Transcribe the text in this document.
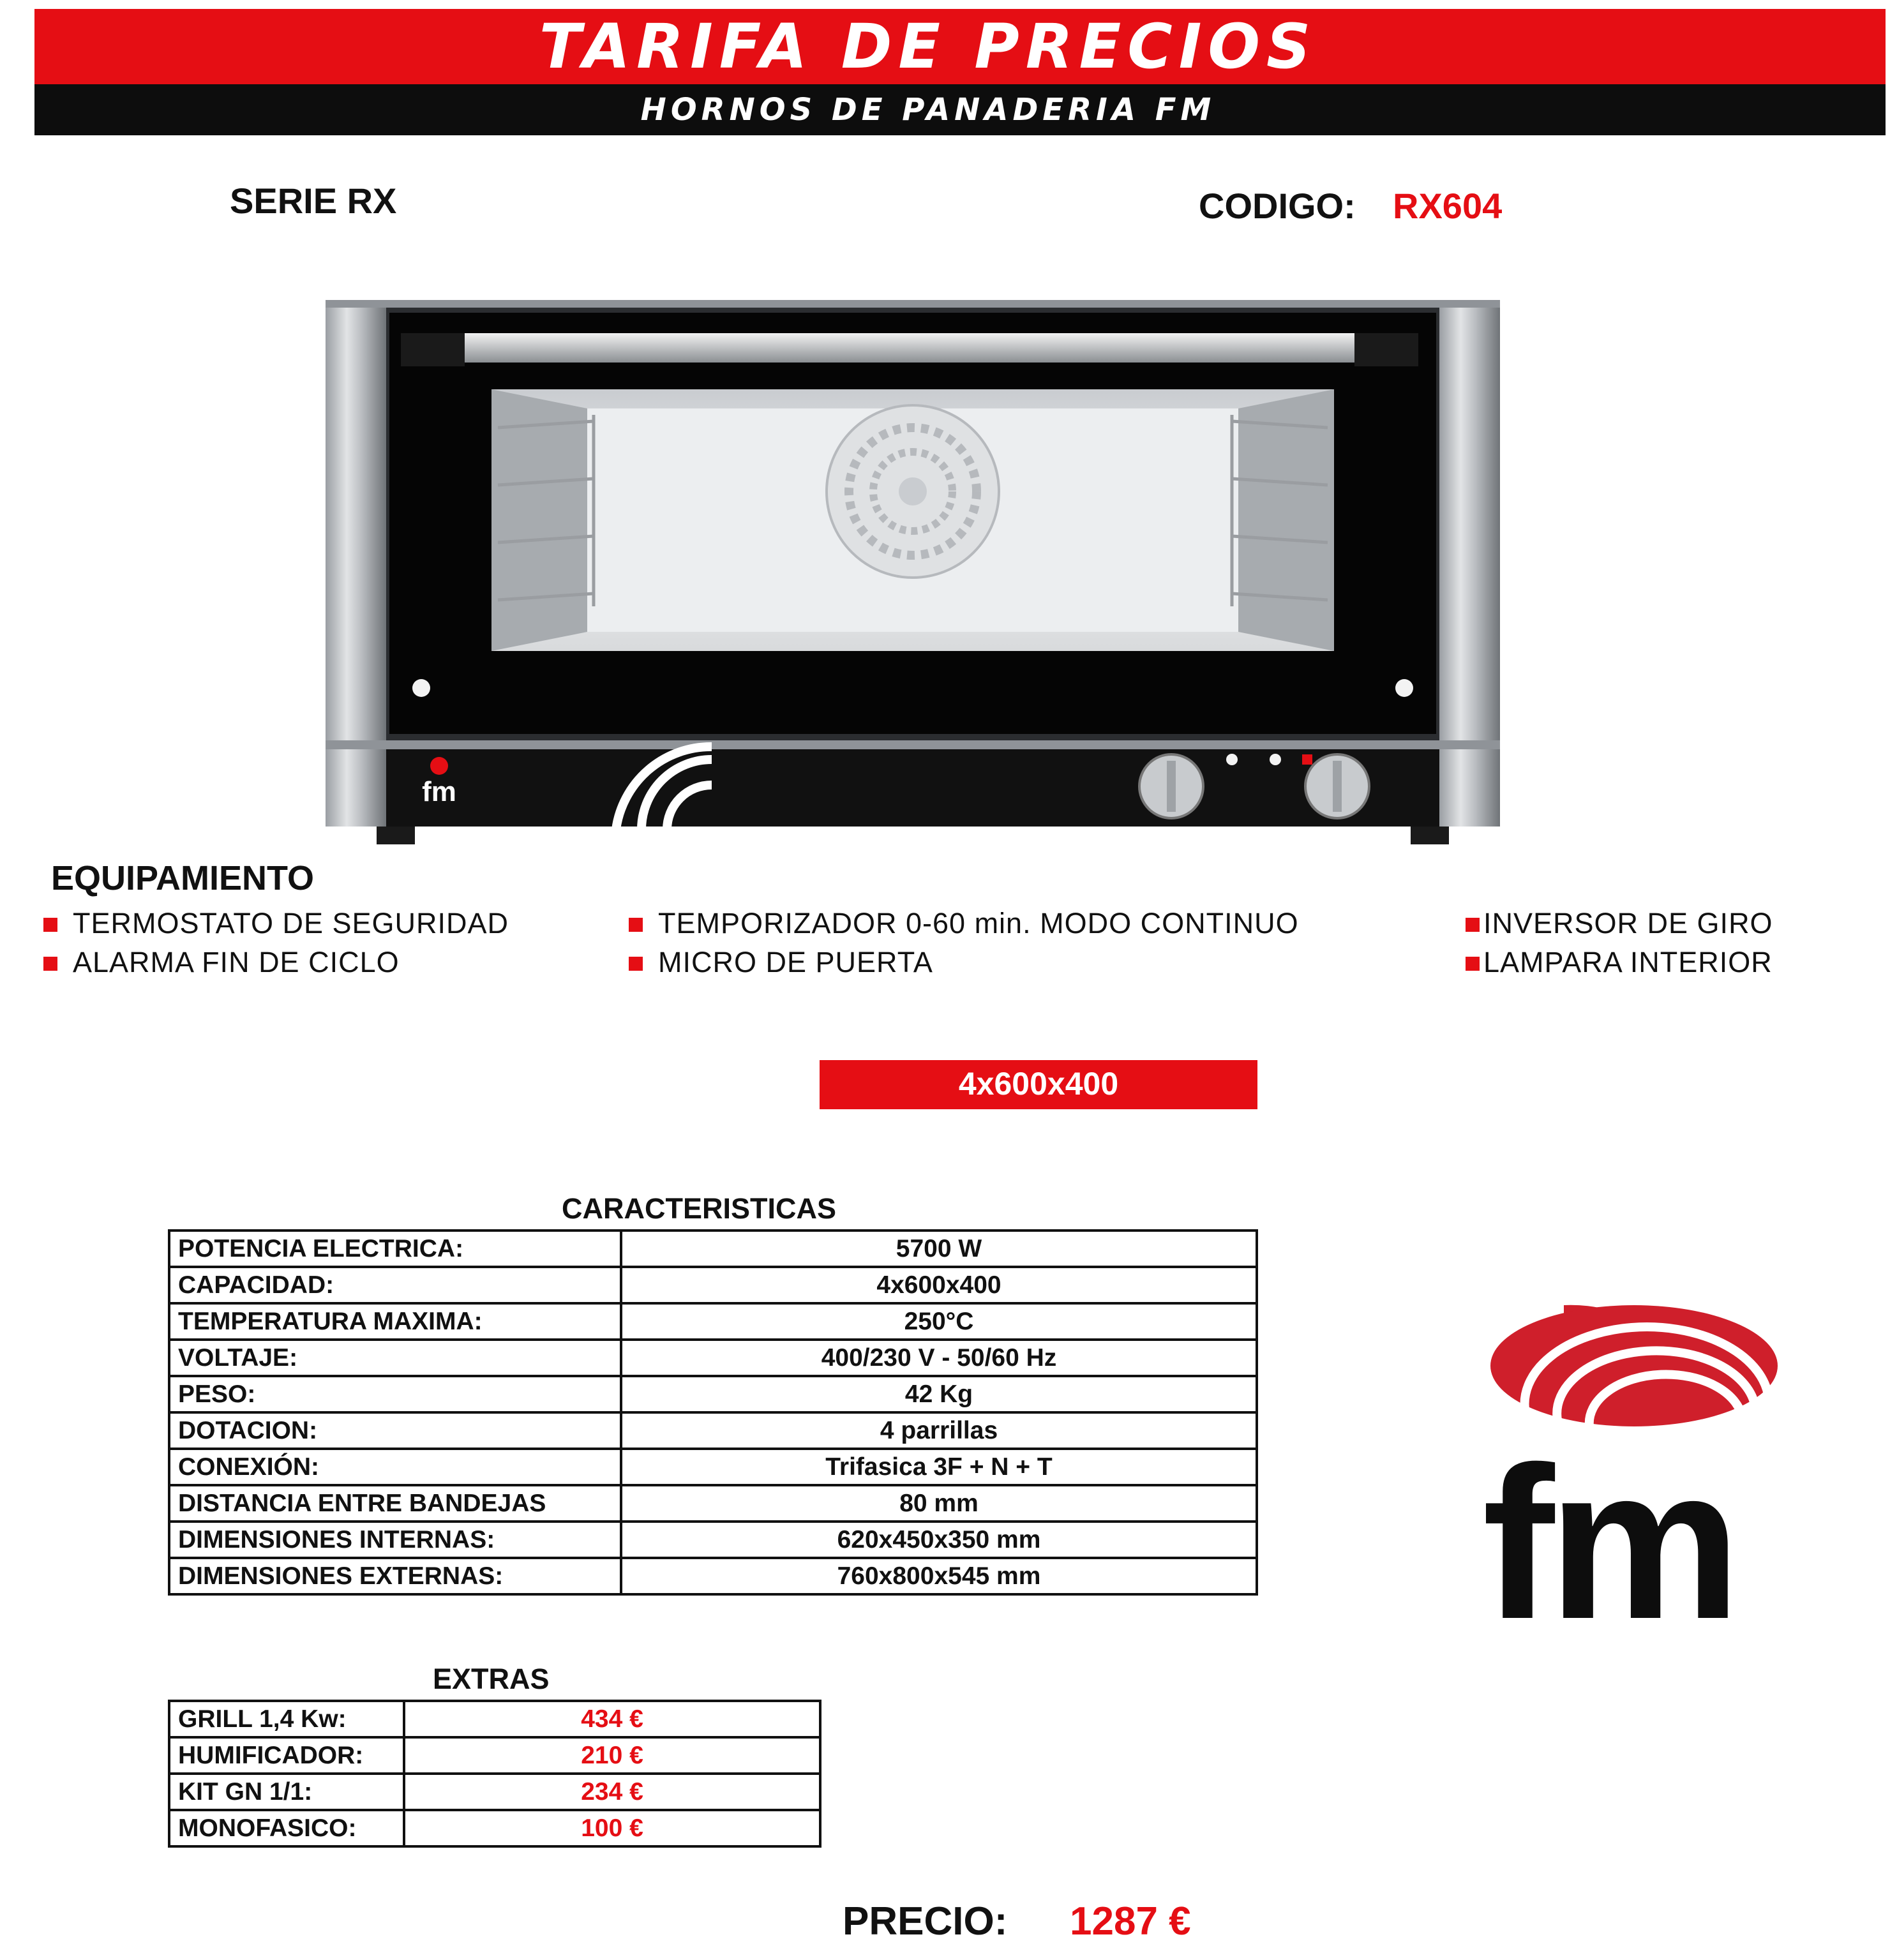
TARIFA DE PRECIOS
HORNOS DE PANADERIA FM
SERIE RX	CODIGO: RX604
fm
EQUIPAMIENTO
TERMOSTATO DE SEGURIDAD	TEMPORIZADOR 0-60 min. MODO CONTINUO	INVERSOR DE GIRO
ALARMA FIN DE CICLO	MICRO DE PUERTA	LAMPARA INTERIOR
4x600x400
CARACTERISTICAS
POTENCIA ELECTRICA:	5700 W
CAPACIDAD:	4x600x400
TEMPERATURA MAXIMA:	250°C
VOLTAJE:	400/230 V - 50/60 Hz
PESO:	42 Kg
DOTACION:	4 parrillas
CONEXIÓN:	Trifasica 3F + N + T
DISTANCIA ENTRE BANDEJAS	80 mm
DIMENSIONES INTERNAS:	620x450x350 mm
DIMENSIONES EXTERNAS:	760x800x545 mm
EXTRAS
GRILL 1,4 Kw:	434 €
HUMIFICADOR:	210 €
KIT GN 1/1:	234 €
MONOFASICO:	100 €
PRECIO: 1287 €
fm
